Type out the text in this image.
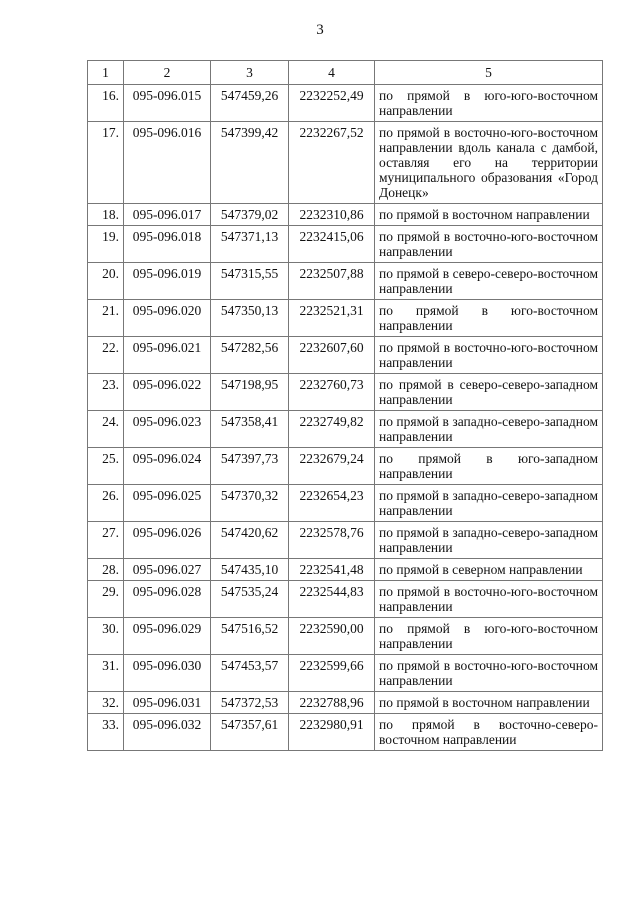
3
1	2	3	4	5
16.	095-096.015	547459,26	2232252,49	по прямой в юго-юго-восточном направлении
17.	095-096.016	547399,42	2232267,52	по прямой в восточно-юго-восточном направлении вдоль канала с дамбой, оставляя его на территории муниципального образования «Город Донецк»
18.	095-096.017	547379,02	2232310,86	по прямой в восточном направлении
19.	095-096.018	547371,13	2232415,06	по прямой в восточно-юго-восточном направлении
20.	095-096.019	547315,55	2232507,88	по прямой в северо-северо-восточном направлении
21.	095-096.020	547350,13	2232521,31	по прямой в юго-восточном направлении
22.	095-096.021	547282,56	2232607,60	по прямой в восточно-юго-восточном направлении
23.	095-096.022	547198,95	2232760,73	по прямой в северо-северо-западном направлении
24.	095-096.023	547358,41	2232749,82	по прямой в западно-северо-западном направлении
25.	095-096.024	547397,73	2232679,24	по прямой в юго-западном направлении
26.	095-096.025	547370,32	2232654,23	по прямой в западно-северо-западном направлении
27.	095-096.026	547420,62	2232578,76	по прямой в западно-северо-западном направлении
28.	095-096.027	547435,10	2232541,48	по прямой в северном направлении
29.	095-096.028	547535,24	2232544,83	по прямой в восточно-юго-восточном направлении
30.	095-096.029	547516,52	2232590,00	по прямой в юго-юго-восточном направлении
31.	095-096.030	547453,57	2232599,66	по прямой в восточно-юго-восточном направлении
32.	095-096.031	547372,53	2232788,96	по прямой в восточном направлении
33.	095-096.032	547357,61	2232980,91	по прямой в восточно-северо-восточном направлении
